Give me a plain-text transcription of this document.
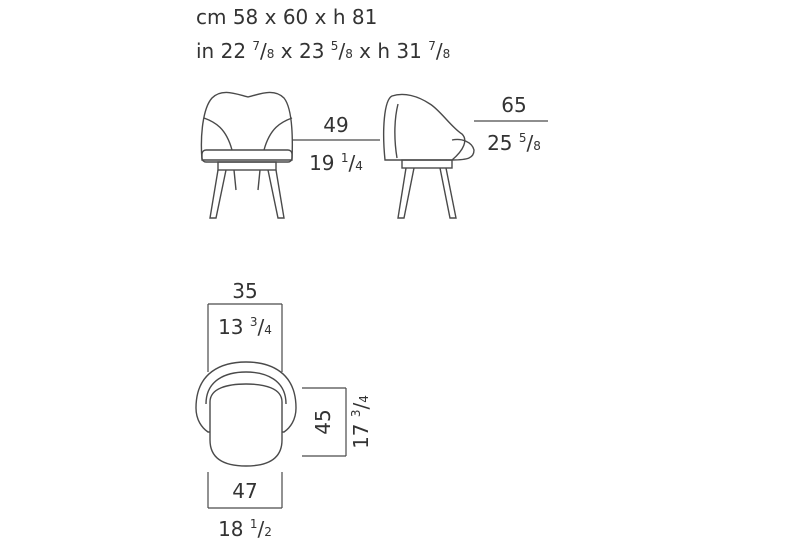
cm 58 x 60 x h 81
in 22 $^7$/8 x 23 $^5$/8 x h 31 $^7$/8
49
19 $^1$/4
65
25 $^5$/8
35
13 $^3$/4
45 17 $^3$/4
47
18 $^1$/2
